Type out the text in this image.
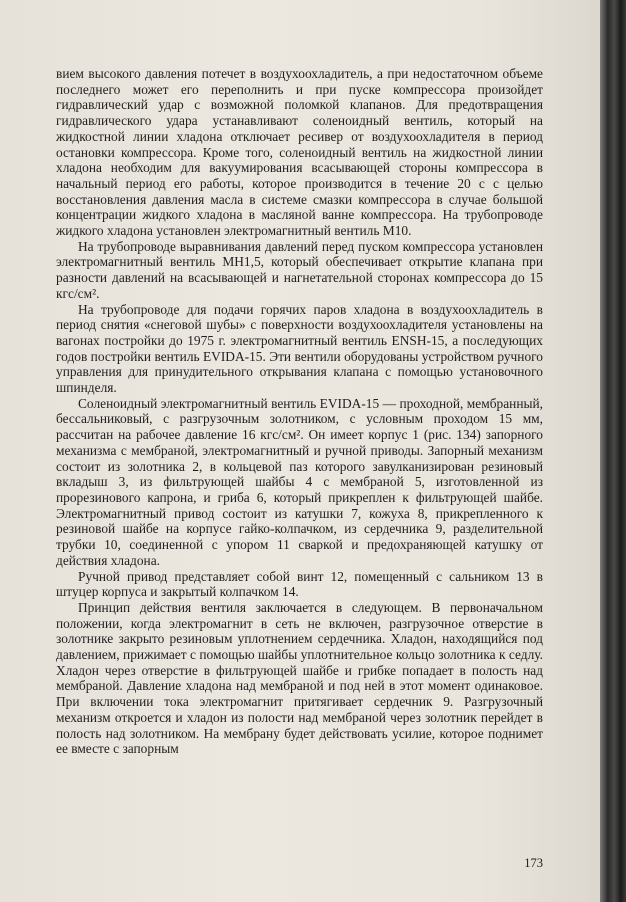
вием высокого давления потечет в воздухоохладитель, а при недостаточном объеме последнего может его переполнить и при пуске компрессора произойдет гидравлический удар с возможной поломкой клапанов. Для предотвращения гидравлического удара устанавливают соленоидный вентиль, который на жидкостной линии хладона отключает ресивер от воздухоохладителя в период остановки компрессора. Кроме того, соленоидный вентиль на жидкостной линии хладона необходим для вакуумирования всасывающей стороны компрессора в начальный период его работы, которое производится в течение 20 с с целью восстановления давления масла в системе смазки компрессора в случае большой концентрации жидкого хладона в масляной ванне компрессора. На трубопроводе жидкого хладона установлен электромагнитный вентиль М10.

На трубопроводе выравнивания давлений перед пуском компрессора установлен электромагнитный вентиль МН1,5, который обеспечивает открытие клапана при разности давлений на всасывающей и нагнетательной сторонах компрессора до 15 кгс/см².

На трубопроводе для подачи горячих паров хладона в воздухоохладитель в период снятия «снеговой шубы» с поверхности воздухоохладителя установлены на вагонах постройки до 1975 г. электромагнитный вентиль ENSH-15, а последующих годов постройки вентиль EVIDA-15. Эти вентили оборудованы устройством ручного управления для принудительного открывания клапана с помощью установочного шпинделя.

Соленоидный электромагнитный вентиль EVIDA-15 — проходной, мембранный, бессальниковый, с разгрузочным золотником, с условным проходом 15 мм, рассчитан на рабочее давление 16 кгс/см². Он имеет корпус 1 (рис. 134) запорного механизма с мембраной, электромагнитный и ручной приводы. Запорный механизм состоит из золотника 2, в кольцевой паз которого завулканизирован резиновый вкладыш 3, из фильтрующей шайбы 4 с мембраной 5, изготовленной из прорезинового капрона, и гриба 6, который прикреплен к фильтрующей шайбе. Электромагнитный привод состоит из катушки 7, кожуха 8, прикрепленного к резиновой шайбе на корпусе гайко-колпачком, из сердечника 9, разделительной трубки 10, соединенной с упором 11 сваркой и предохраняющей катушку от действия хладона.

Ручной привод представляет собой винт 12, помещенный с сальником 13 в штуцер корпуса и закрытый колпачком 14.

Принцип действия вентиля заключается в следующем. В первоначальном положении, когда электромагнит в сеть не включен, разгрузочное отверстие в золотнике закрыто резиновым уплотнением сердечника. Хладон, находящийся под давлением, прижимает с помощью шайбы уплотнительное кольцо золотника к седлу. Хладон через отверстие в фильтрующей шайбе и грибке попадает в полость над мембраной. Давление хладона над мембраной и под ней в этот момент одинаковое. При включении тока электромагнит притягивает сердечник 9. Разгрузочный механизм откроется и хладон из полости над мембраной через золотник перейдет в полость над золотником. На мембрану будет действовать усилие, которое поднимет ее вместе с запорным

173
